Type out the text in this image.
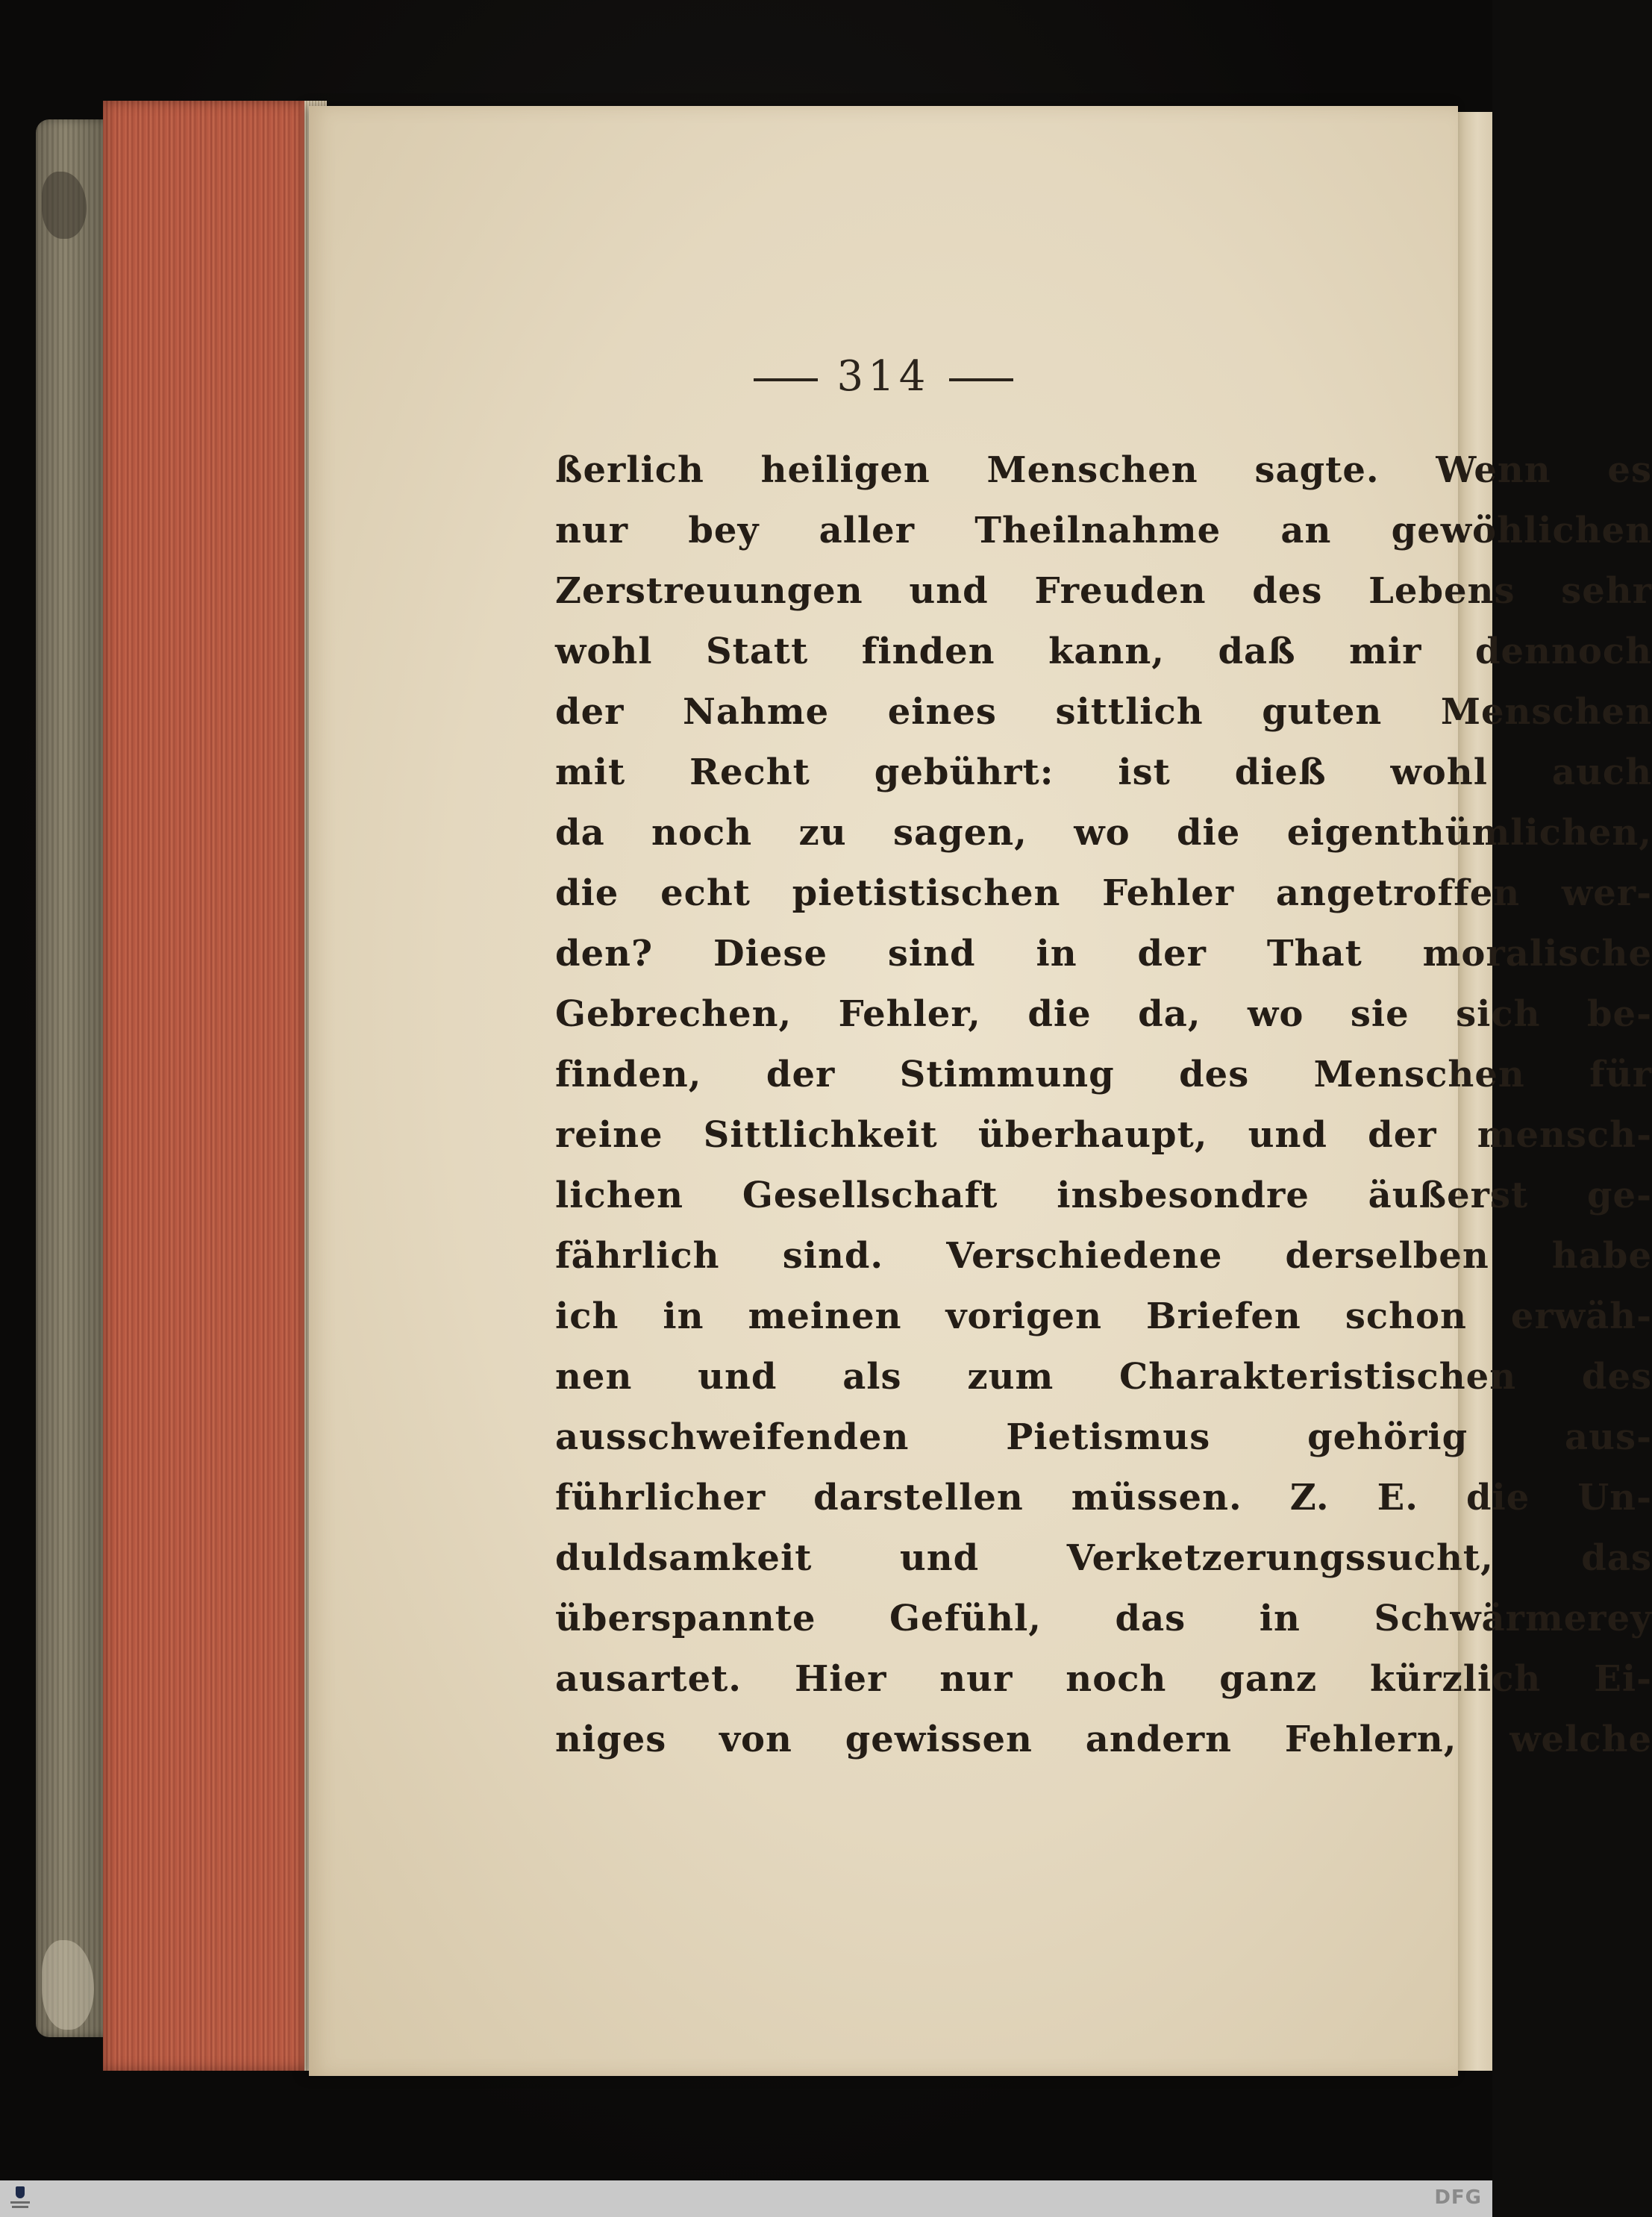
314
ßerlich heiligen Menschen sagte. Wenn es
nur bey aller Theilnahme an gewöhlichen
Zerstreuungen und Freuden des Lebens sehr
wohl Statt finden kann, daß mir dennoch
der Nahme eines sittlich guten Menschen
mit Recht gebührt: ist dieß wohl auch
da noch zu sagen, wo die eigenthümlichen,
die echt pietistischen Fehler angetroffen wer-
den? Diese sind in der That moralische
Gebrechen, Fehler, die da, wo sie sich be-
finden, der Stimmung des Menschen für
reine Sittlichkeit überhaupt, und der mensch-
lichen Gesellschaft insbesondre äußerst ge-
fährlich sind. Verschiedene derselben habe
ich in meinen vorigen Briefen schon erwäh-
nen und als zum Charakteristischen des
ausschweifenden Pietismus gehörig aus-
führlicher darstellen müssen. Z. E. die Un-
duldsamkeit und Verketzerungssucht, das
überspannte Gefühl, das in Schwärmerey
ausartet. Hier nur noch ganz kürzlich Ei-
niges von gewissen andern Fehlern, welche
DFG
